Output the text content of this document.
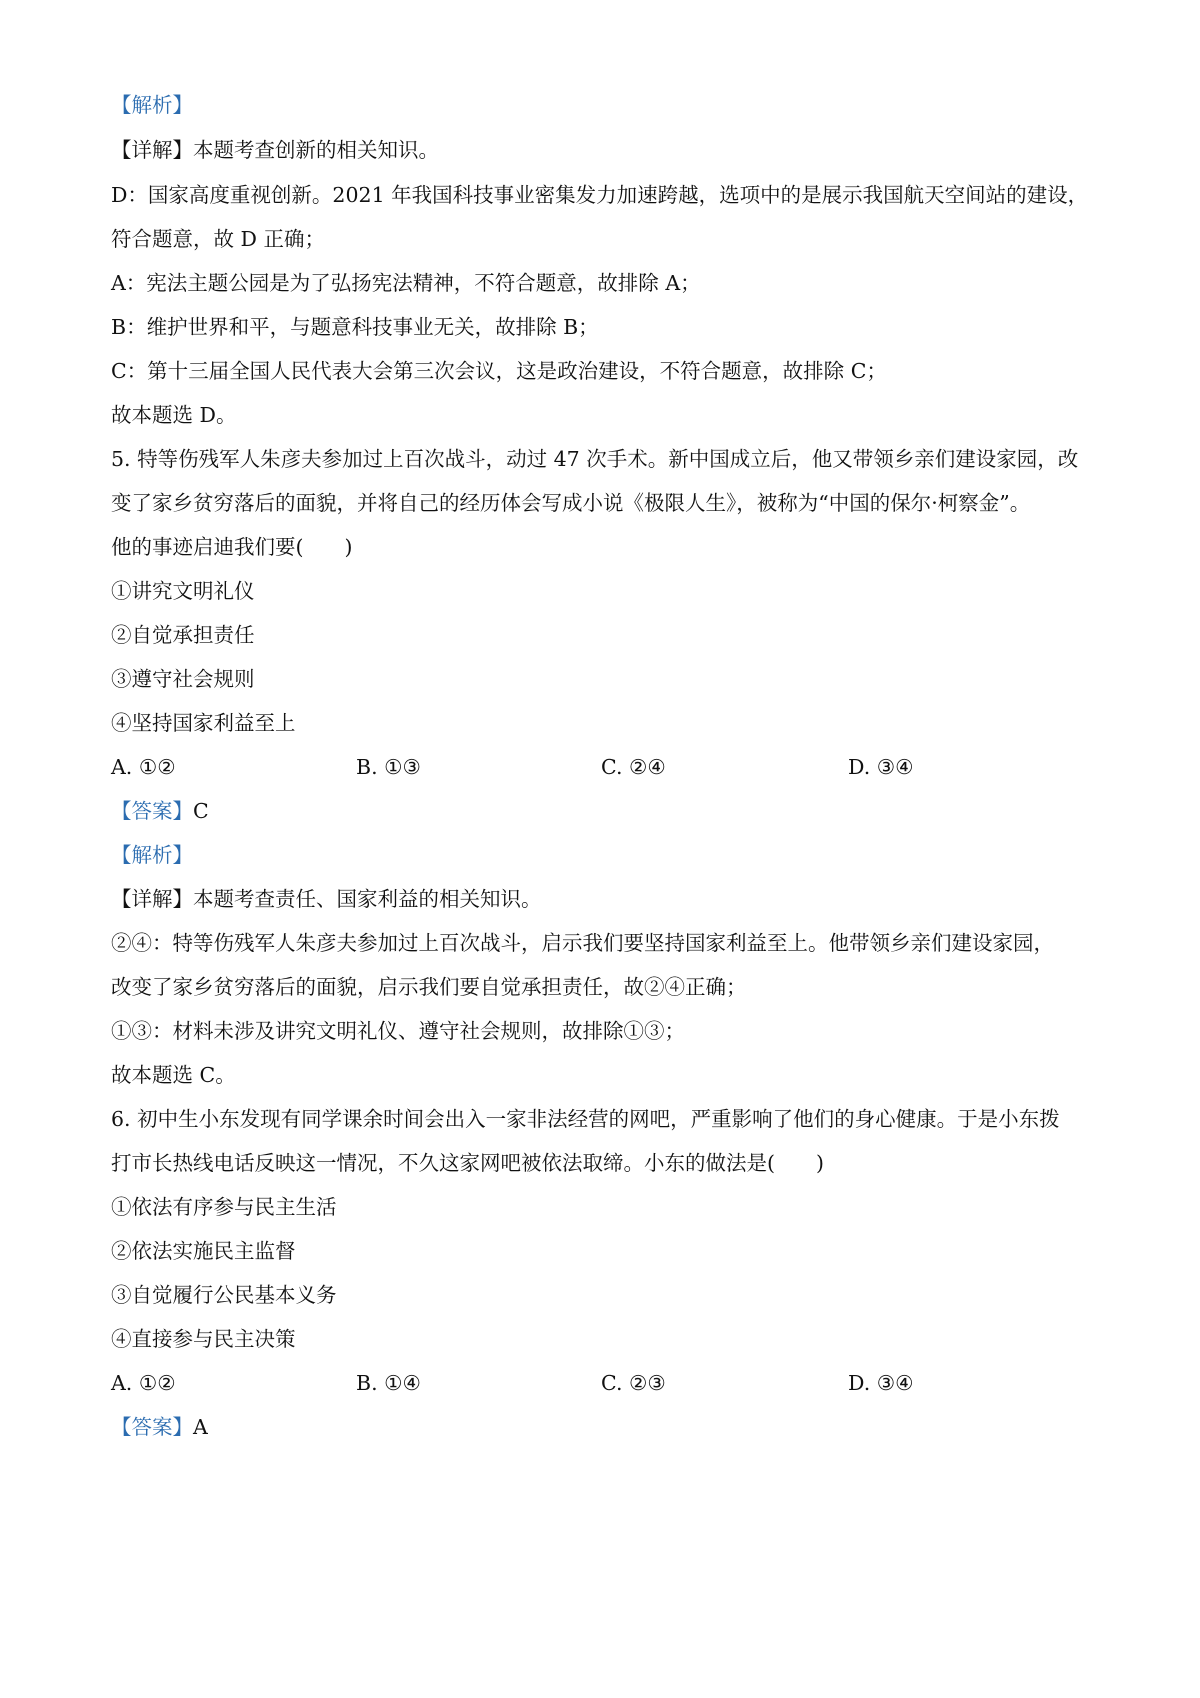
【解析】
【详解】本题考查创新的相关知识。
D：国家高度重视创新。2021 年我国科技事业密集发力加速跨越，选项中的是展示我国航天空间站的建设，
符合题意，故 D 正确；
A：宪法主题公园是为了弘扬宪法精神，不符合题意，故排除 A；
B：维护世界和平，与题意科技事业无关，故排除 B；
C：第十三届全国人民代表大会第三次会议，这是政治建设，不符合题意，故排除 C；
故本题选 D。
5. 特等伤残军人朱彦夫参加过上百次战斗，动过 47 次手术。新中国成立后，他又带领乡亲们建设家园，改
变了家乡贫穷落后的面貌，并将自己的经历体会写成小说《极限人生》，被称为“中国的保尔·柯察金”。
他的事迹启迪我们要(　　)
①讲究文明礼仪
②自觉承担责任
③遵守社会规则
④坚持国家利益至上
A. ①②	B. ①③	C. ②④	D. ③④
【答案】C
【解析】
【详解】本题考查责任、国家利益的相关知识。
②④：特等伤残军人朱彦夫参加过上百次战斗，启示我们要坚持国家利益至上。他带领乡亲们建设家园，
改变了家乡贫穷落后的面貌，启示我们要自觉承担责任，故②④正确；
①③：材料未涉及讲究文明礼仪、遵守社会规则，故排除①③；
故本题选 C。
6. 初中生小东发现有同学课余时间会出入一家非法经营的网吧，严重影响了他们的身心健康。于是小东拨
打市长热线电话反映这一情况，不久这家网吧被依法取缔。小东的做法是(　　)
①依法有序参与民主生活
②依法实施民主监督
③自觉履行公民基本义务
④直接参与民主决策
A. ①②	B. ①④	C. ②③	D. ③④
【答案】A
